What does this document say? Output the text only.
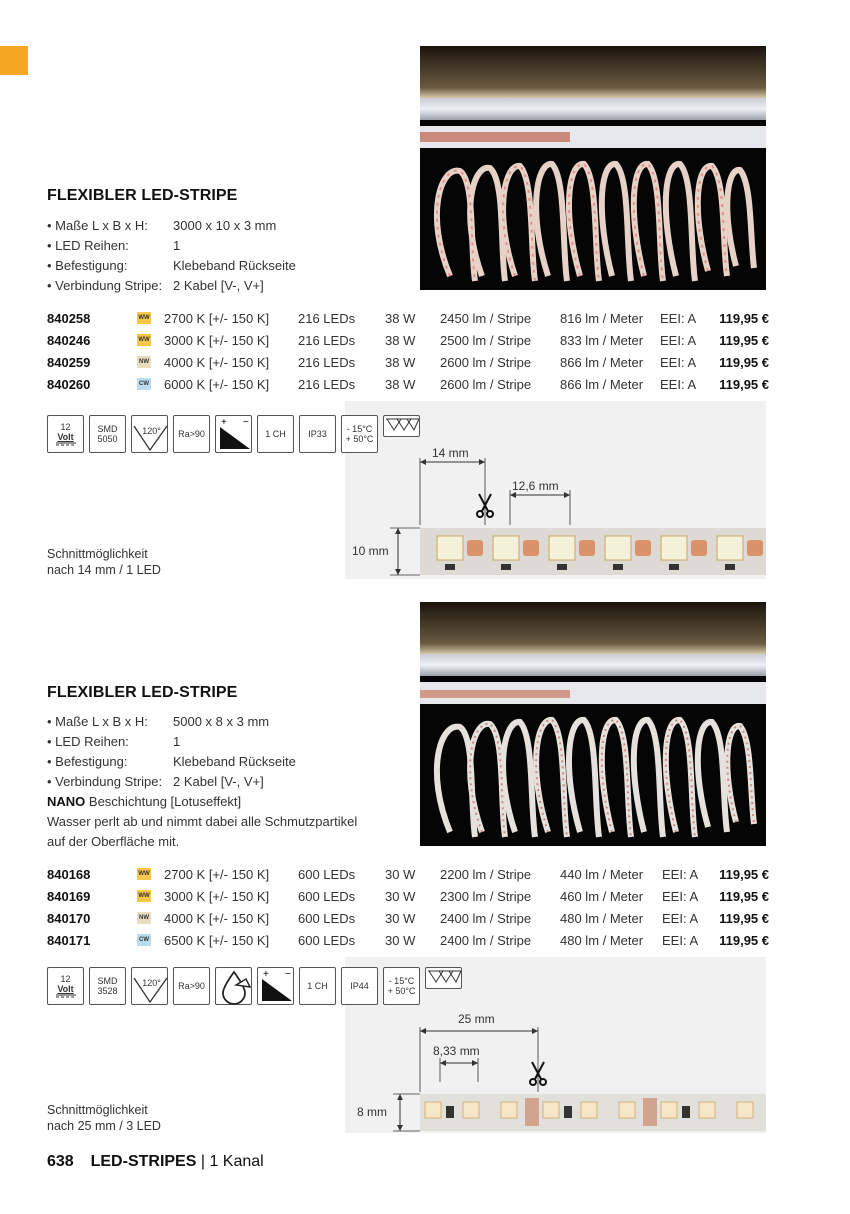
FLEXIBLER LED-STRIPE
• Maße L x B x H: 3000 x 10 x 3 mm
• LED Reihen:	1
• Befestigung:	Klebeband Rückseite
• Verbindung Stripe: 2 Kabel [V-, V+]
840258	WW 2700 K [+/- 150 K] 216 LEDs 38 W 2450 lm / Stripe 816 lm / Meter EEI: A 119,95 €
840246	WW 3000 K [+/- 150 K] 216 LEDs 38 W 2500 lm / Stripe 833 lm / Meter EEI: A 119,95 €
840259	NW 4000 K [+/- 150 K] 216 LEDs 38 W 2600 lm / Stripe 866 lm / Meter EEI: A 119,95 €
840260	CW 6000 K [+/- 150 K] 216 LEDs 38 W 2600 lm / Stripe 866 lm / Meter EEI: A 119,95 €
12
Volt
SMD
5050
120°	Ra>90
+ −
1 CH	IP33	- 15°C
+ 50°C
14 mm
12,6 mm
10 mm
Schnittmöglichkeit
nach 14 mm / 1 LED
FLEXIBLER LED-STRIPE
• Maße L x B x H: 5000 x 8 x 3 mm
• LED Reihen:	1
• Befestigung:	Klebeband Rückseite
• Verbindung Stripe: 2 Kabel [V-, V+]
NANO Beschichtung [Lotuseffekt]
Wasser perlt ab und nimmt dabei alle Schmutzpartikel
auf der Oberfläche mit.
840168	WW 2700 K [+/- 150 K] 600 LEDs 30 W 2200 lm / Stripe 440 lm / Meter EEI: A 119,95 €
840169	WW 3000 K [+/- 150 K] 600 LEDs 30 W 2300 lm / Stripe 460 lm / Meter EEI: A 119,95 €
840170	NW 4000 K [+/- 150 K] 600 LEDs 30 W 2400 lm / Stripe 480 lm / Meter EEI: A 119,95 €
840171	CW 6500 K [+/- 150 K] 600 LEDs 30 W 2400 lm / Stripe 480 lm / Meter EEI: A 119,95 €
12
Volt
SMD
3528
120°	Ra>90
+ −
1 CH	IP44	- 15°C
+ 50°C
25 mm
8,33 mm
8 mm
Schnittmöglichkeit
nach 25 mm / 3 LED
638 LED-STRIPES | 1 Kanal
